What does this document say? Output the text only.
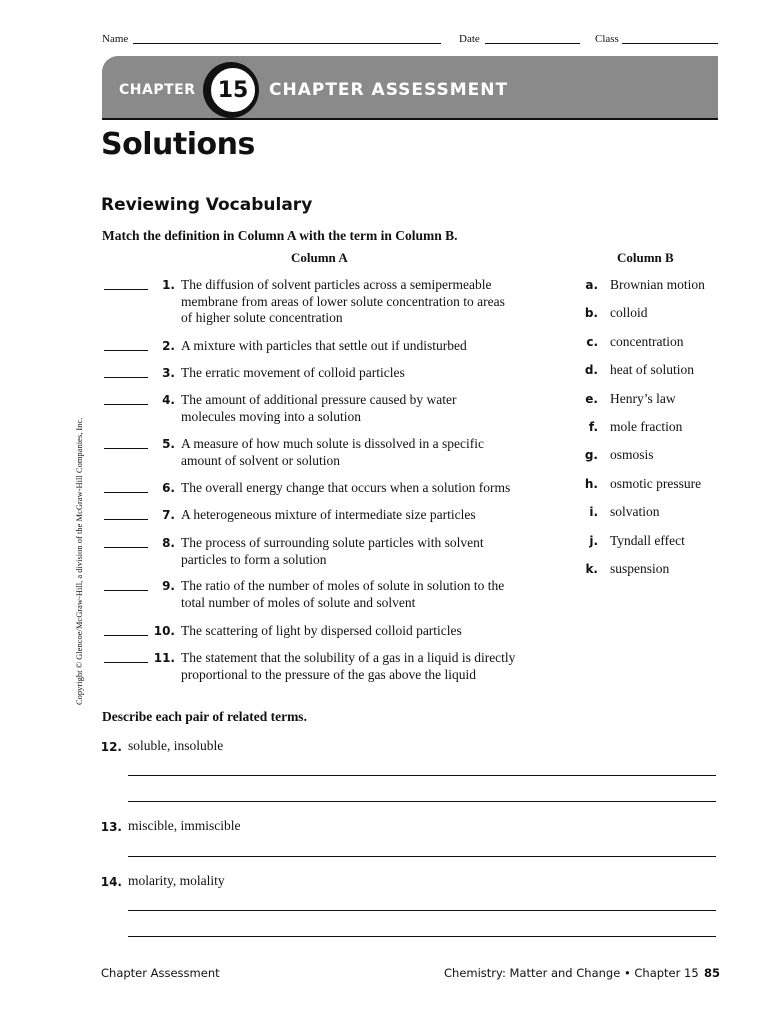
Name	Date	Class
CHAPTER	15	CHAPTER ASSESSMENT
Solutions
Reviewing Vocabulary
Match the definition in Column A with the term in Column B.
Column A	Column B
1. The diffusion of solvent particles across a semipermeable
membrane from areas of lower solute concentration to areas
of higher solute concentration
2. A mixture with particles that settle out if undisturbed
3. The erratic movement of colloid particles
4. The amount of additional pressure caused by water
molecules moving into a solution
5. A measure of how much solute is dissolved in a specific
amount of solvent or solution
6. The overall energy change that occurs when a solution forms
7. A heterogeneous mixture of intermediate size particles
8. The process of surrounding solute particles with solvent
particles to form a solution
9. The ratio of the number of moles of solute in solution to the
total number of moles of solute and solvent
10. The scattering of light by dispersed colloid particles
11. The statement that the solubility of a gas in a liquid is directly
proportional to the pressure of the gas above the liquid
a. Brownian motion
b. colloid
c. concentration
d. heat of solution
e. Henry’s law
f. mole fraction
g. osmosis
h. osmotic pressure
i. solvation
j. Tyndall effect
k. suspension
Describe each pair of related terms.
12. soluble, insoluble
13. miscible, immiscible
14. molarity, molality
Copyright © Glencoe/McGraw-Hill, a division of the McGraw-Hill Companies, Inc.
Chapter Assessment	Chemistry: Matter and Change • Chapter 15 85
